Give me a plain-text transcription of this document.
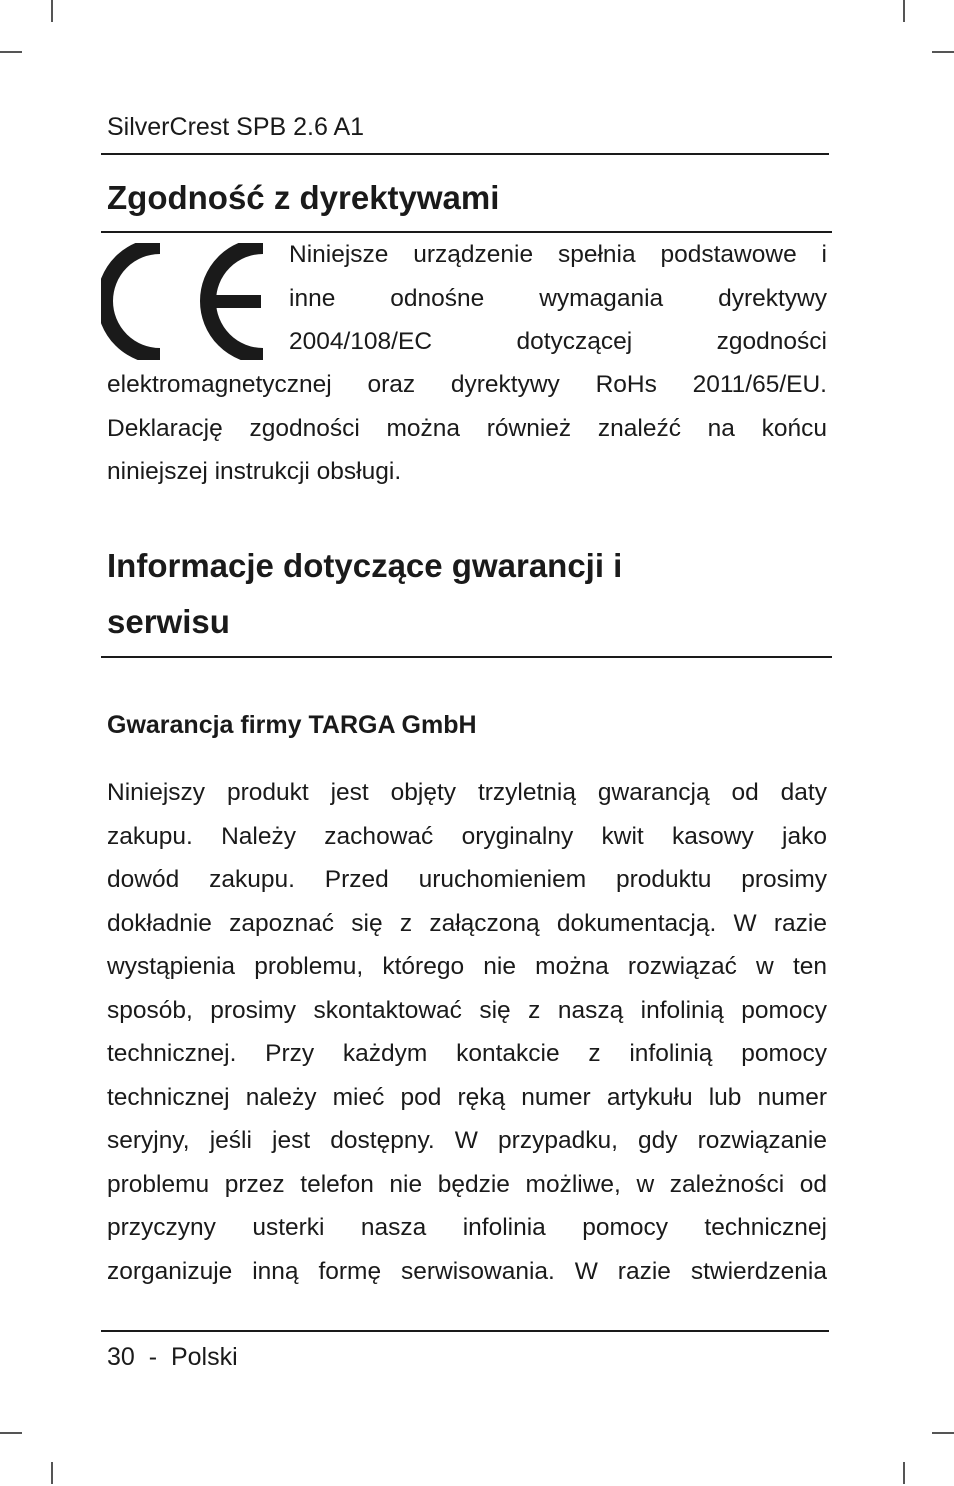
SilverCrest SPB 2.6 A1
Zgodność z dyrektywami
Niniejsze urządzenie spełnia podstawowe i
inne odnośne wymagania dyrektywy
2004/108/EC dotyczącej zgodności
elektromagnetycznej oraz dyrektywy RoHs 2011/65/EU.
Deklarację zgodności można również znaleźć na końcu
niniejszej instrukcji obsługi.
Informacje dotyczące gwarancji i
serwisu
Gwarancja firmy TARGA GmbH
Niniejszy produkt jest objęty trzyletnią gwarancją od daty
zakupu. Należy zachować oryginalny kwit kasowy jako
dowód zakupu. Przed uruchomieniem produktu prosimy
dokładnie zapoznać się z załączoną dokumentacją. W razie
wystąpienia problemu, którego nie można rozwiązać w ten
sposób, prosimy skontaktować się z naszą infolinią pomocy
technicznej. Przy każdym kontakcie z infolinią pomocy
technicznej należy mieć pod ręką numer artykułu lub numer
seryjny, jeśli jest dostępny. W przypadku, gdy rozwiązanie
problemu przez telefon nie będzie możliwe, w zależności od
przyczyny usterki nasza infolinia pomocy technicznej
zorganizuje inną formę serwisowania. W razie stwierdzenia
30 - Polski
